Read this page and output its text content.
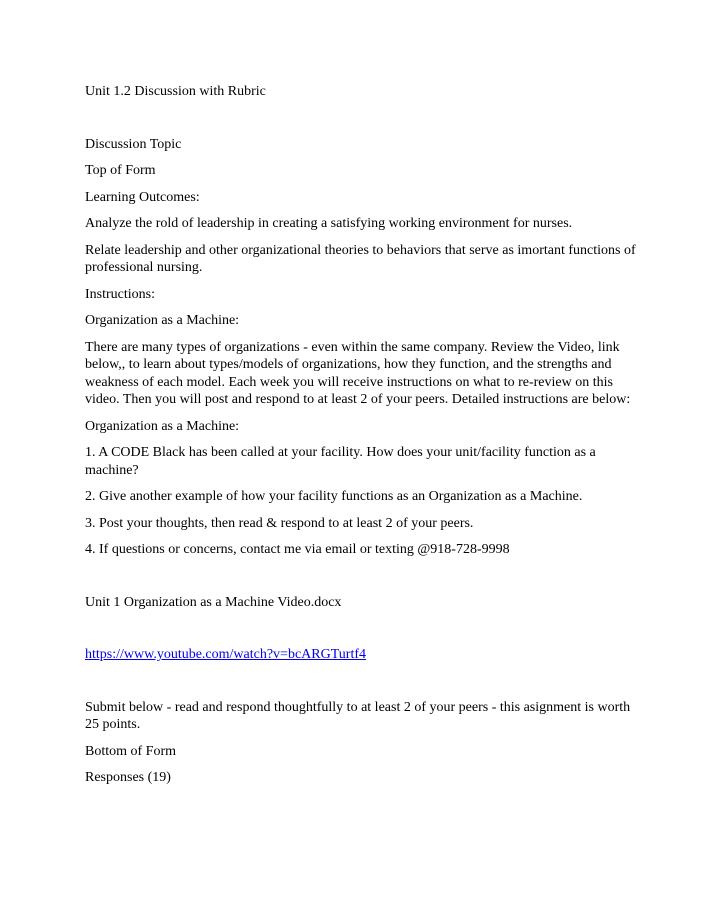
Unit 1.2 Discussion with Rubric

Discussion Topic

Top of Form

Learning Outcomes:

Analyze the rold of leadership in creating a satisfying working environment for nurses.

Relate leadership and other organizational theories to behaviors that serve as imortant functions of professional nursing.

Instructions:

Organization as a Machine:

There are many types of organizations - even within the same company. Review the Video, link below,, to learn about types/models of organizations, how they function, and the strengths and weakness of each model. Each week you will receive instructions on what to re-review on this video. Then you will post and respond to at least 2 of your peers. Detailed instructions are below:

Organization as a Machine:

1. A CODE Black has been called at your facility. How does your unit/facility function as a machine?

2. Give another example of how your facility functions as an Organization as a Machine.

3. Post your thoughts, then read & respond to at least 2 of your peers.

4. If questions or concerns, contact me via email or texting @918-728-9998

Unit 1 Organization as a Machine Video.docx

https://www.youtube.com/watch?v=bcARGTurtf4

Submit below - read and respond thoughtfully to at least 2 of your peers - this asignment is worth 25 points.

Bottom of Form

Responses (19)
